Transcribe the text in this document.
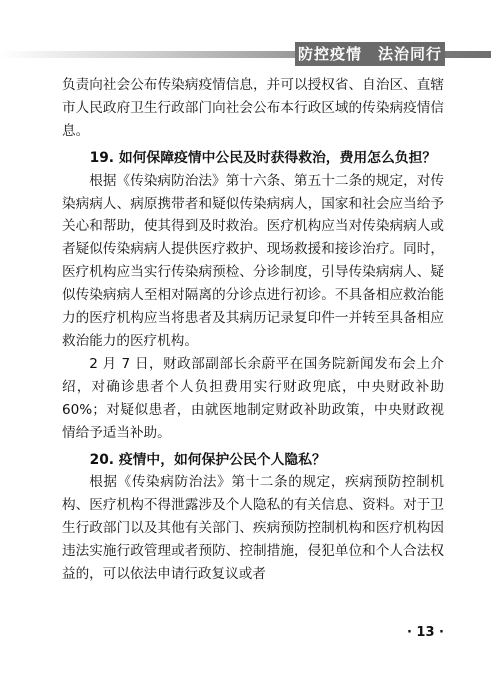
防控疫情　法治同行

负责向社会公布传染病疫情信息，并可以授权省、自治区、直辖市人民政府卫生行政部门向社会公布本行政区域的传染病疫情信息。

19. 如何保障疫情中公民及时获得救治，费用怎么负担？

根据《传染病防治法》第十六条、第五十二条的规定，对传染病病人、病原携带者和疑似传染病病人，国家和社会应当给予关心和帮助，使其得到及时救治。医疗机构应当对传染病病人或者疑似传染病病人提供医疗救护、现场救援和接诊治疗。同时，医疗机构应当实行传染病预检、分诊制度，引导传染病病人、疑似传染病病人至相对隔离的分诊点进行初诊。不具备相应救治能力的医疗机构应当将患者及其病历记录复印件一并转至具备相应救治能力的医疗机构。

2 月 7 日，财政部副部长余蔚平在国务院新闻发布会上介绍，对确诊患者个人负担费用实行财政兜底，中央财政补助 60%；对疑似患者，由就医地制定财政补助政策，中央财政视情给予适当补助。

20. 疫情中，如何保护公民个人隐私？

根据《传染病防治法》第十二条的规定，疾病预防控制机构、医疗机构不得泄露涉及个人隐私的有关信息、资料。对于卫生行政部门以及其他有关部门、疾病预防控制机构和医疗机构因违法实施行政管理或者预防、控制措施，侵犯单位和个人合法权益的，可以依法申请行政复议或者

· 13 ·
